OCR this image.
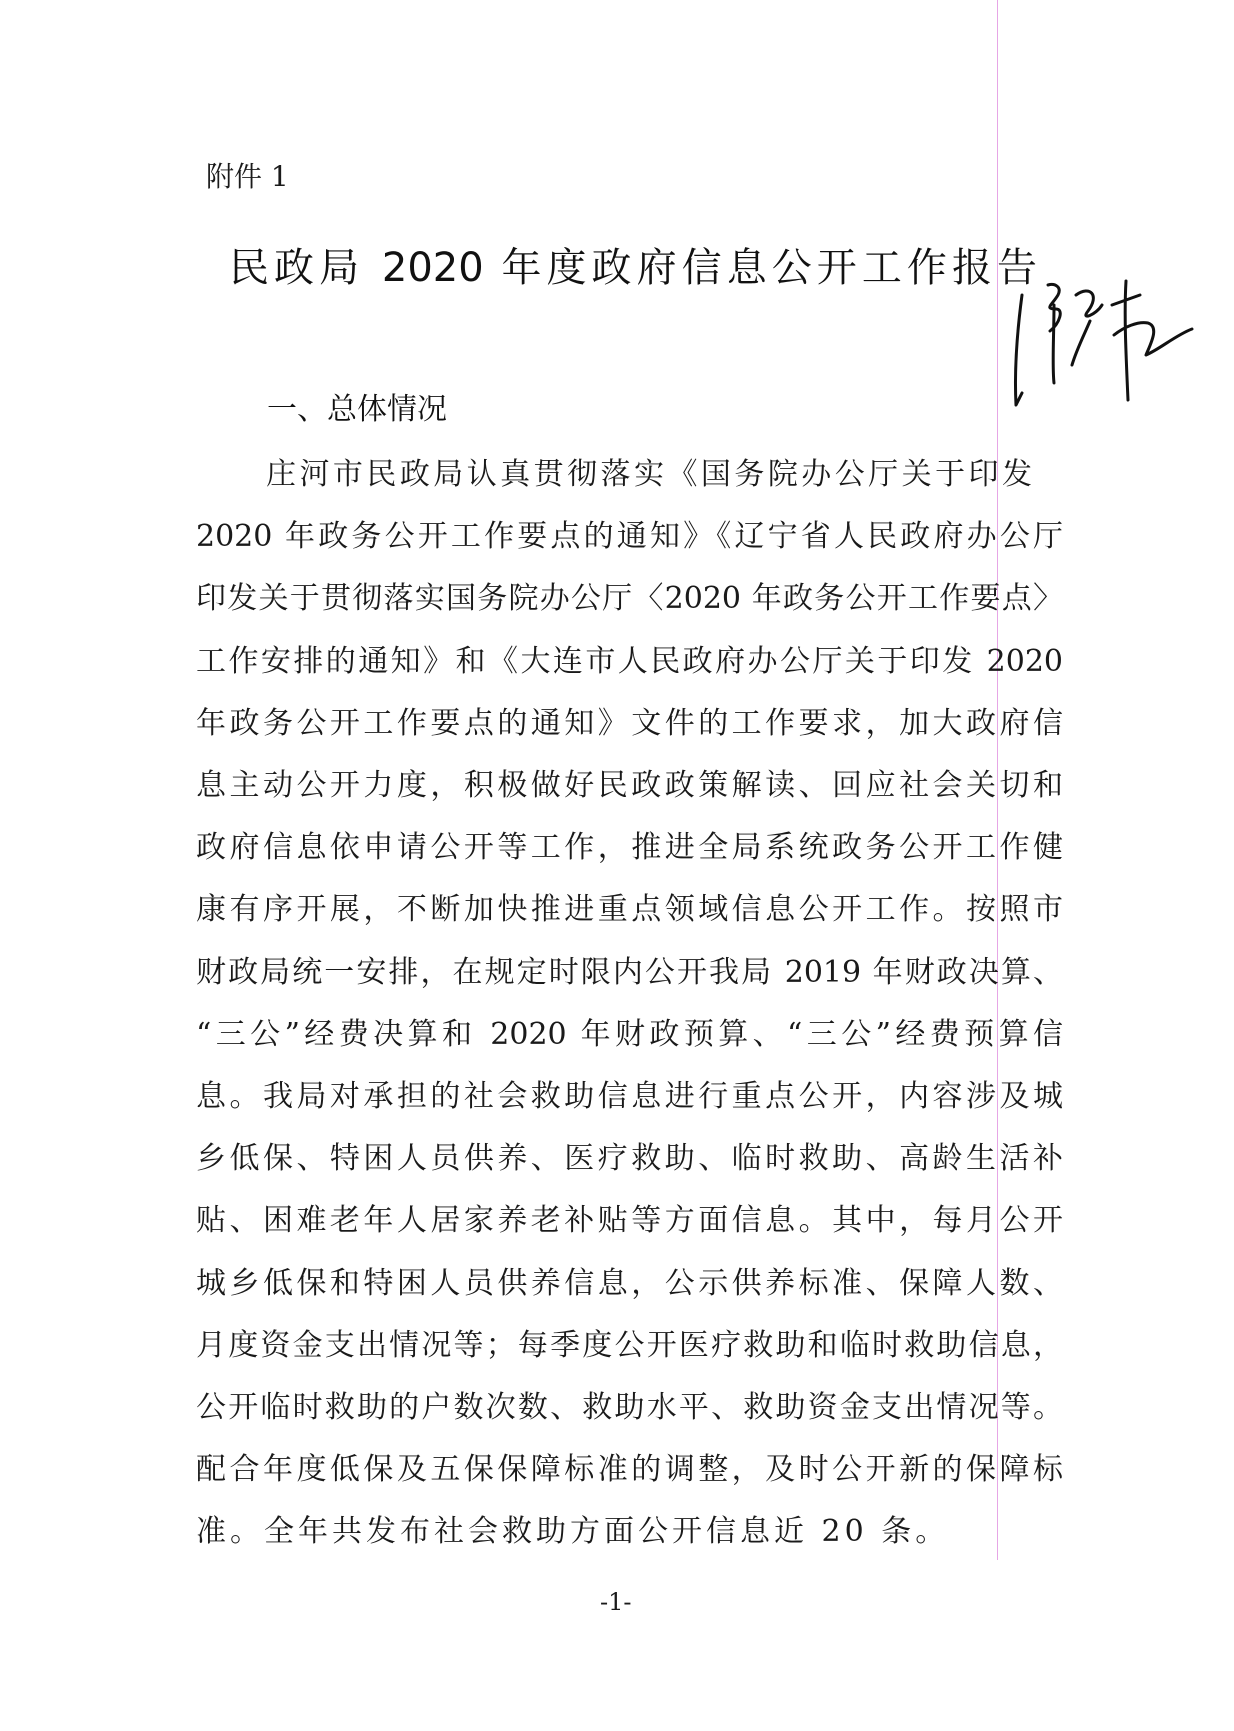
附件 1
民政局 2020 年度政府信息公开工作报告
一、总体情况
庄河市民政局认真贯彻落实《国务院办公厅关于印发
2020 年政务公开工作要点的通知》《辽宁省人民政府办公厅
印发关于贯彻落实国务院办公厅〈2020 年政务公开工作要点〉
工作安排的通知》和《大连市人民政府办公厅关于印发 2020
年政务公开工作要点的通知》文件的工作要求，加大政府信
息主动公开力度，积极做好民政政策解读、回应社会关切和
政府信息依申请公开等工作，推进全局系统政务公开工作健
康有序开展，不断加快推进重点领域信息公开工作。按照市
财政局统一安排，在规定时限内公开我局 2019 年财政决算、
“三公”经费决算和 2020 年财政预算、“三公”经费预算信
息。我局对承担的社会救助信息进行重点公开，内容涉及城
乡低保、特困人员供养、医疗救助、临时救助、高龄生活补
贴、困难老年人居家养老补贴等方面信息。其中，每月公开
城乡低保和特困人员供养信息，公示供养标准、保障人数、
月度资金支出情况等；每季度公开医疗救助和临时救助信息，
公开临时救助的户数次数、救助水平、救助资金支出情况等。
配合年度低保及五保保障标准的调整，及时公开新的保障标
准。全年共发布社会救助方面公开信息近 20 条。
-1-
